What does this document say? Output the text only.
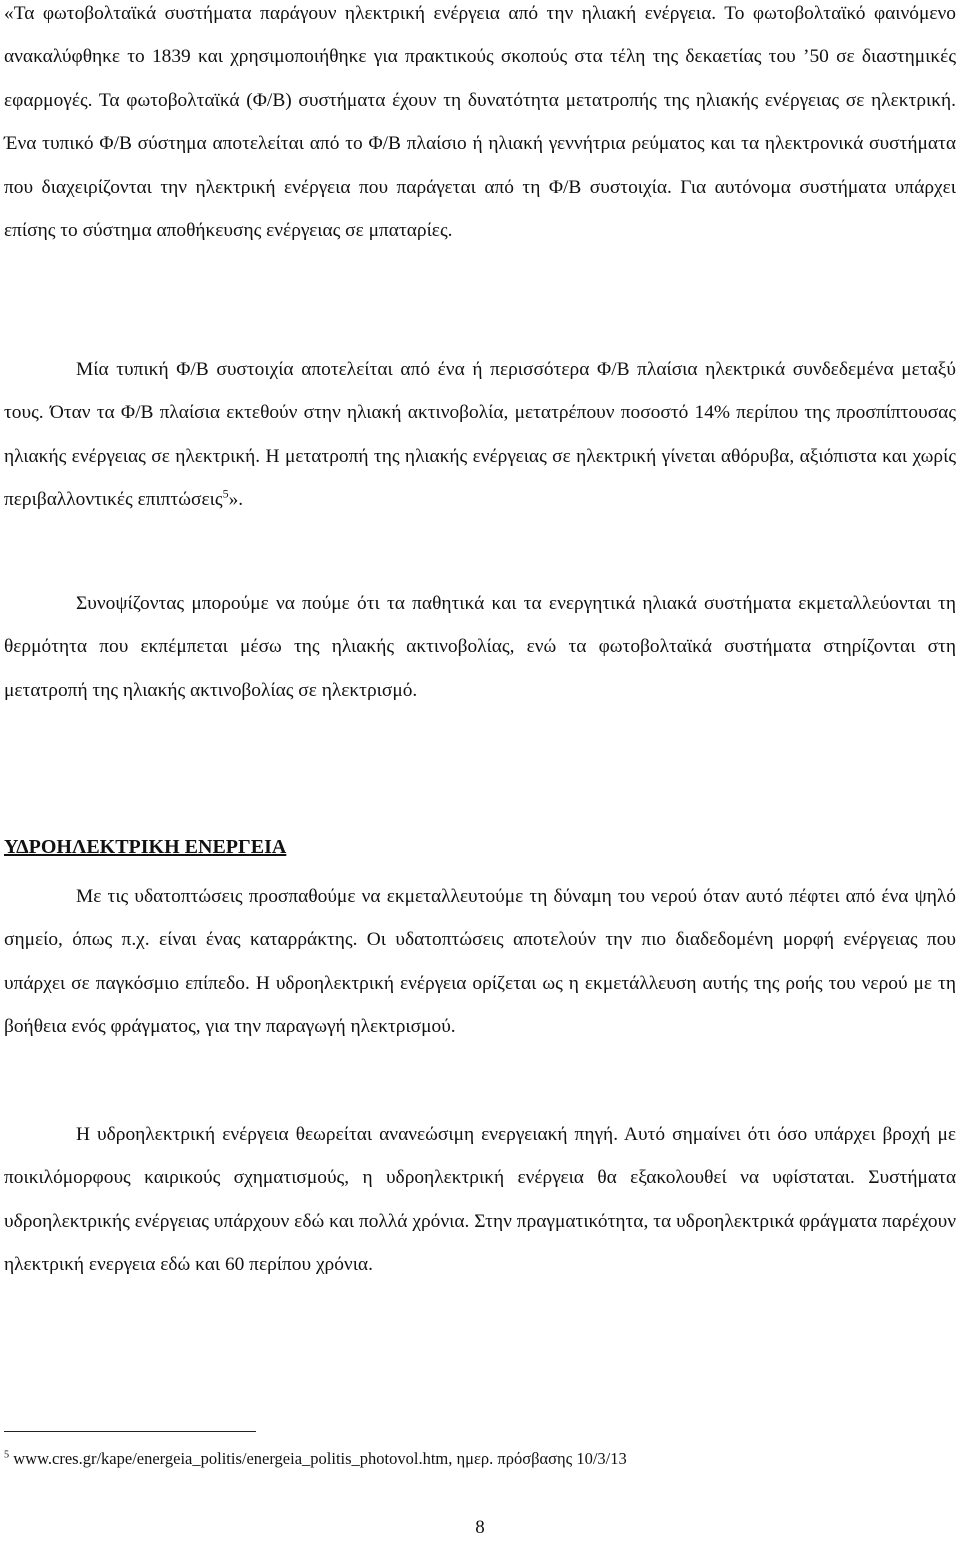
«Τα φωτοβολταϊκά συστήματα παράγουν ηλεκτρική ενέργεια από την ηλιακή ενέργεια. Το φωτοβολταϊκό φαινόμενο ανακαλύφθηκε το 1839 και χρησιμοποιήθηκε για πρακτικούς σκοπούς στα τέλη της δεκαετίας του ’50 σε διαστημικές εφαρμογές. Τα φωτοβολταϊκά (Φ/Β) συστήματα έχουν τη δυνατότητα μετατροπής της ηλιακής ενέργειας σε ηλεκτρική. Ένα τυπικό Φ/Β σύστημα αποτελείται από το Φ/Β πλαίσιο ή ηλιακή γεννήτρια ρεύματος και τα ηλεκτρονικά συστήματα που διαχειρίζονται την ηλεκτρική ενέργεια που παράγεται από τη Φ/Β συστοιχία. Για αυτόνομα συστήματα υπάρχει επίσης το σύστημα αποθήκευσης ενέργειας σε μπαταρίες.

Μία τυπική Φ/Β συστοιχία αποτελείται από ένα ή περισσότερα Φ/Β πλαίσια ηλεκτρικά συνδεδεμένα μεταξύ τους. Όταν τα Φ/Β πλαίσια εκτεθούν στην ηλιακή ακτινοβολία, μετατρέπουν ποσοστό 14% περίπου της προσπίπτουσας ηλιακής ενέργειας σε ηλεκτρική. Η μετατροπή της ηλιακής ενέργειας σε ηλεκτρική γίνεται αθόρυβα, αξιόπιστα και χωρίς περιβαλλοντικές επιπτώσεις$^5$».

Συνοψίζοντας μπορούμε να πούμε ότι τα παθητικά και τα ενεργητικά ηλιακά συστήματα εκμεταλλεύονται τη θερμότητα που εκπέμπεται μέσω της ηλιακής ακτινοβολίας, ενώ τα φωτοβολταϊκά συστήματα στηρίζονται στη μετατροπή της ηλιακής ακτινοβολίας σε ηλεκτρισμό.

ΥΔΡΟΗΛΕΚΤΡΙΚΗ ΕΝΕΡΓΕΙΑ

Με τις υδατοπτώσεις προσπαθούμε να εκμεταλλευτούμε τη δύναμη του νερού όταν αυτό πέφτει από ένα ψηλό σημείο, όπως π.χ. είναι ένας καταρράκτης. Οι υδατοπτώσεις αποτελούν την πιο διαδεδομένη μορφή ενέργειας που υπάρχει σε παγκόσμιο επίπεδο. Η υδροηλεκτρική ενέργεια ορίζεται ως η εκμετάλλευση αυτής της ροής του νερού με τη βοήθεια ενός φράγματος, για την παραγωγή ηλεκτρισμού.

Η υδροηλεκτρική ενέργεια θεωρείται ανανεώσιμη ενεργειακή πηγή. Αυτό σημαίνει ότι όσο υπάρχει βροχή με ποικιλόμορφους καιρικούς σχηματισμούς, η υδροηλεκτρική ενέργεια θα εξακολουθεί να υφίσταται. Συστήματα υδροηλεκτρικής ενέργειας υπάρχουν εδώ και πολλά χρόνια. Στην πραγματικότητα, τα υδροηλεκτρικά φράγματα παρέχουν ηλεκτρική ενεργεια εδώ και 60 περίπου χρόνια.

$^5$ www.cres.gr/kape/energeia_politis/energeia_politis_photovol.htm, ημερ. πρόσβασης 10/3/13

8
